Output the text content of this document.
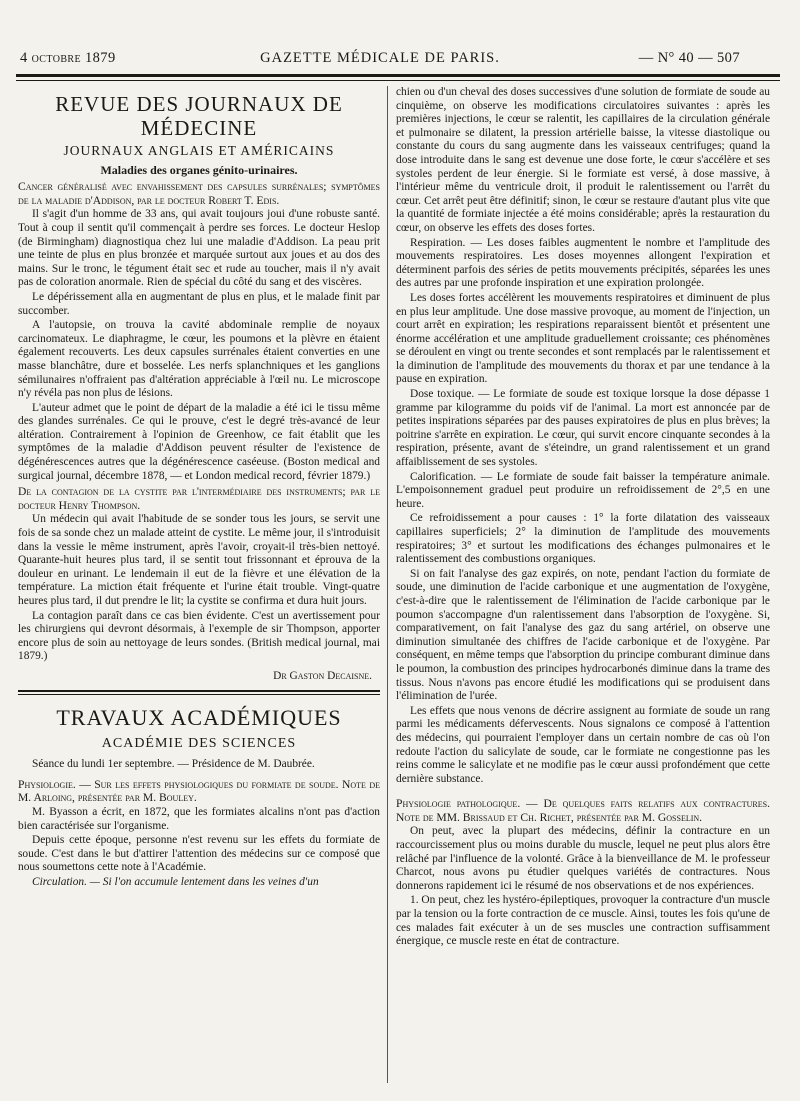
4 octobre 1879	GAZETTE MÉDICALE DE PARIS.	— N° 40 — 507
REVUE DES JOURNAUX DE MÉDECINE
JOURNAUX ANGLAIS ET AMÉRICAINS
Maladies des organes génito-urinaires.

Cancer généralisé avec envahissement des capsules surrénales; symptômes de la maladie d'Addison, par le docteur Robert T. Edis.

Il s'agit d'un homme de 33 ans, qui avait toujours joui d'une robuste santé. Tout à coup il sentit qu'il commençait à perdre ses forces. Le docteur Heslop (de Birmingham) diagnostiqua chez lui une maladie d'Addison. La peau prit une teinte de plus en plus bronzée et marquée surtout aux joues et au dos des mains. Sur le tronc, le tégument était sec et rude au toucher, mais il n'y avait pas de coloration anormale. Rien de spécial du côté du sang et des viscères.

Le dépérissement alla en augmentant de plus en plus, et le malade finit par succomber.

A l'autopsie, on trouva la cavité abdominale remplie de noyaux carcinomateux. Le diaphragme, le cœur, les poumons et la plèvre en étaient également recouverts. Les deux capsules surrénales étaient converties en une masse blanchâtre, dure et bosselée. Les nerfs splanchniques et les ganglions sémilunaires n'offraient pas d'altération appréciable à l'œil nu. Le microscope n'y révéla pas non plus de lésions.

L'auteur admet que le point de départ de la maladie a été ici le tissu même des glandes surrénales. Ce qui le prouve, c'est le degré très-avancé de leur altération. Contrairement à l'opinion de Greenhow, ce fait établit que les symptômes de la maladie d'Addison peuvent résulter de l'existence de dégénérescences autres que la dégénérescence caséeuse. (Boston medical and surgical journal, décembre 1878, — et London medical record, février 1879.)

De la contagion de la cystite par l'intermédiaire des instruments; par le docteur Henry Thompson.

Un médecin qui avait l'habitude de se sonder tous les jours, se servit une fois de sa sonde chez un malade atteint de cystite. Le même jour, il s'introduisit dans la vessie le même instrument, après l'avoir, croyait-il très-bien nettoyé. Quarante-huit heures plus tard, il se sentit tout frissonnant et éprouva de la douleur en urinant. Le lendemain il eut de la fièvre et une élévation de la température. La miction était fréquente et l'urine était trouble. Vingt-quatre heures plus tard, il dut prendre le lit; la cystite se confirma et dura huit jours.

La contagion paraît dans ce cas bien évidente. C'est un avertissement pour les chirurgiens qui devront désormais, à l'exemple de sir Thompson, apporter encore plus de soin au nettoyage de leurs sondes. (British medical journal, mai 1879.)

Dr Gaston Decaisne.

TRAVAUX ACADÉMIQUES
ACADÉMIE DES SCIENCES

Séance du lundi 1er septembre. — Présidence de M. Daubrée.

Physiologie. — Sur les effets physiologiques du formiate de soude. Note de M. Arloing, présentée par M. Bouley.

M. Byasson a écrit, en 1872, que les formiates alcalins n'ont pas d'action bien caractérisée sur l'organisme.

Depuis cette époque, personne n'est revenu sur les effets du formiate de soude. C'est dans le but d'attirer l'attention des médecins sur ce composé que nous soumettons cette note à l'Académie.

Circulation. — Si l'on accumule lentement dans les veines d'un

chien ou d'un cheval des doses successives d'une solution de formiate de soude au cinquième, on observe les modifications circulatoires suivantes : après les premières injections, le cœur se ralentit, les capillaires de la circulation générale et pulmonaire se dilatent, la pression artérielle baisse, la vitesse diastolique ou constante du cours du sang augmente dans les vaisseaux centrifuges; quand la dose introduite dans le sang est devenue une dose forte, le cœur s'accélère et ses systoles perdent de leur énergie. Si le formiate est versé, à dose massive, à l'intérieur même du ventricule droit, il produit le ralentissement ou l'arrêt du cœur. Cet arrêt peut être définitif; sinon, le cœur se restaure d'autant plus vite que la quantité de formiate injectée a été moins considérable; après la restauration du cœur, on observe les effets des doses fortes.

Respiration. — Les doses faibles augmentent le nombre et l'amplitude des mouvements respiratoires. Les doses moyennes allongent l'expiration et déterminent parfois des séries de petits mouvements précipités, séparées les unes des autres par une profonde inspiration et une expiration prolongée.

Les doses fortes accélèrent les mouvements respiratoires et diminuent de plus en plus leur amplitude. Une dose massive provoque, au moment de l'injection, un court arrêt en expiration; les respirations reparaissent bientôt et présentent une énorme accélération et une amplitude graduellement croissante; ces phénomènes se déroulent en vingt ou trente secondes et sont remplacés par le ralentissement et la diminution de l'amplitude des mouvements du thorax et par une tendance à la pause en expiration.

Dose toxique. — Le formiate de soude est toxique lorsque la dose dépasse 1 gramme par kilogramme du poids vif de l'animal. La mort est annoncée par de petites inspirations séparées par des pauses expiratoires de plus en plus brèves; la poitrine s'arrête en expiration. Le cœur, qui survit encore cinquante secondes à la respiration, présente, avant de s'éteindre, un grand ralentissement et un grand affaiblissement de ses systoles.

Calorification. — Le formiate de soude fait baisser la température animale. L'empoisonnement graduel peut produire un refroidissement de 2°,5 en une heure.

Ce refroidissement a pour causes : 1° la forte dilatation des vaisseaux capillaires superficiels; 2° la diminution de l'amplitude des mouvements respiratoires; 3° et surtout les modifications des échanges pulmonaires et le ralentissement des combustions organiques.

Si on fait l'analyse des gaz expirés, on note, pendant l'action du formiate de soude, une diminution de l'acide carbonique et une augmentation de l'oxygène, c'est-à-dire que le ralentissement de l'élimination de l'acide carbonique par le poumon s'accompagne d'un ralentissement dans l'absorption de l'oxygène. Si, comparativement, on fait l'analyse des gaz du sang artériel, on observe une diminution simultanée des chiffres de l'acide carbonique et de l'oxygène. Par conséquent, en même temps que l'absorption du principe comburant diminue dans le poumon, la combustion des principes hydrocarbonés diminue dans la trame des tissus. Nous n'avons pas encore étudié les modifications qui se produisent dans l'élimination de l'urée.

Les effets que nous venons de décrire assignent au formiate de soude un rang parmi les médicaments défervescents. Nous signalons ce composé à l'attention des médecins, qui pourraient l'employer dans un certain nombre de cas où l'on redoute l'action du salicylate de soude, car le formiate ne congestionne pas les reins comme le salicylate et ne modifie pas le cœur aussi profondément que cette dernière substance.

Physiologie pathologique. — De quelques faits relatifs aux contractures. Note de MM. Brissaud et Ch. Richet, présentée par M. Gosselin.

On peut, avec la plupart des médecins, définir la contracture en un raccourcissement plus ou moins durable du muscle, lequel ne peut plus alors être relâché par l'influence de la volonté. Grâce à la bienveillance de M. le professeur Charcot, nous avons pu étudier quelques variétés de contractures. Nous donnerons rapidement ici le résumé de nos observations et de nos expériences.

1. On peut, chez les hystéro-épileptiques, provoquer la contracture d'un muscle par la tension ou la forte contraction de ce muscle. Ainsi, toutes les fois qu'une de ces malades fait exécuter à un de ses muscles une contraction suffisamment énergique, ce muscle reste en état de contracture.
